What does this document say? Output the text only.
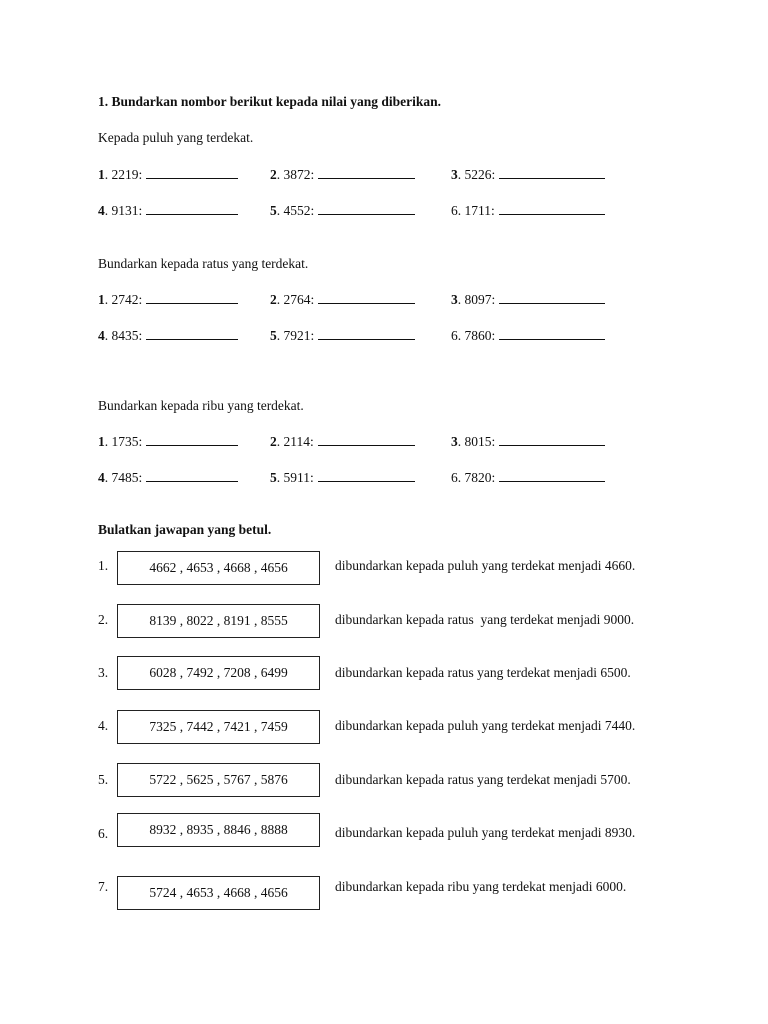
1. Bundarkan nombor berikut kepada nilai yang diberikan.
Kepada puluh yang terdekat.
1. 2219:	2. 3872:	3. 5226:
4. 9131:	5. 4552:	6. 1711:
Bundarkan kepada ratus yang terdekat.
1. 2742:	2. 2764:	3. 8097:
4. 8435:	5. 7921:	6. 7860:
Bundarkan kepada ribu yang terdekat.
1. 1735:	2. 2114:	3. 8015:
4. 7485:	5. 5911:	6. 7820:
Bulatkan jawapan yang betul.
1.	4662 , 4653 , 4668 , 4656	dibundarkan kepada puluh yang terdekat menjadi 4660.
2.	8139 , 8022 , 8191 , 8555	dibundarkan kepada ratus  yang terdekat menjadi 9000.
3.	6028 , 7492 , 7208 , 6499	dibundarkan kepada ratus yang terdekat menjadi 6500.
4.	7325 , 7442 , 7421 , 7459	dibundarkan kepada puluh yang terdekat menjadi 7440.
5.	5722 , 5625 , 5767 , 5876	dibundarkan kepada ratus yang terdekat menjadi 5700.
6.	8932 , 8935 , 8846 , 8888	dibundarkan kepada puluh yang terdekat menjadi 8930.
7.	5724 , 4653 , 4668 , 4656	dibundarkan kepada ribu yang terdekat menjadi 6000.
